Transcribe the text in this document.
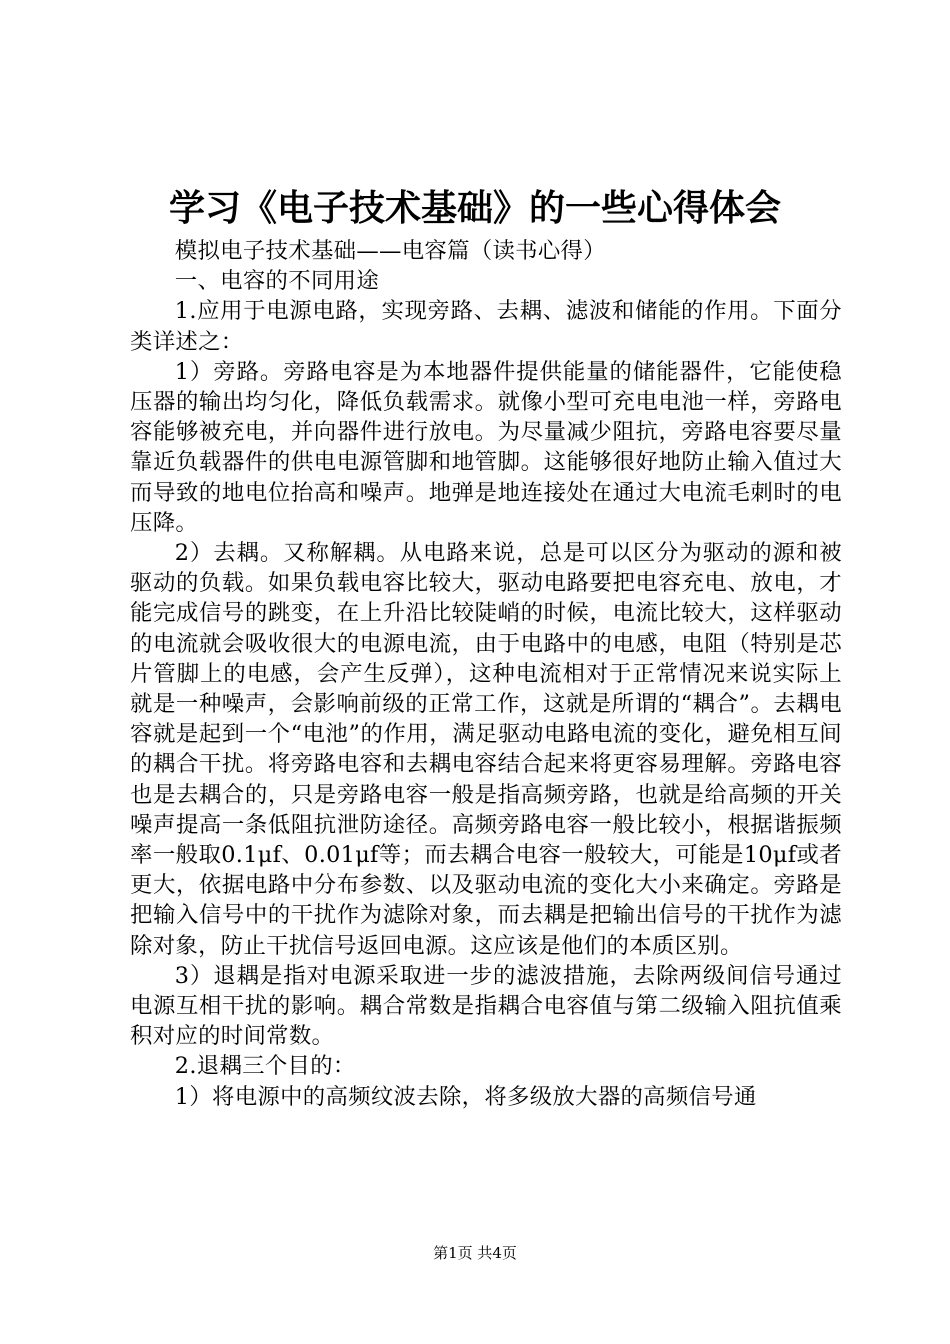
学习《电子技术基础》的一些心得体会

模拟电子技术基础——电容篇（读书心得）

一、电容的不同用途

1.应用于电源电路，实现旁路、去耦、滤波和储能的作用。下面分类详述之：

1）旁路。旁路电容是为本地器件提供能量的储能器件，它能使稳压器的输出均匀化，降低负载需求。就像小型可充电电池一样，旁路电容能够被充电，并向器件进行放电。为尽量减少阻抗，旁路电容要尽量靠近负载器件的供电电源管脚和地管脚。这能够很好地防止输入值过大而导致的地电位抬高和噪声。地弹是地连接处在通过大电流毛刺时的电压降。

2）去耦。又称解耦。从电路来说，总是可以区分为驱动的源和被驱动的负载。如果负载电容比较大，驱动电路要把电容充电、放电，才能完成信号的跳变，在上升沿比较陡峭的时候，电流比较大，这样驱动的电流就会吸收很大的电源电流，由于电路中的电感，电阻（特别是芯片管脚上的电感，会产生反弹），这种电流相对于正常情况来说实际上就是一种噪声，会影响前级的正常工作，这就是所谓的“耦合”。去耦电容就是起到一个“电池”的作用，满足驱动电路电流的变化，避免相互间的耦合干扰。将旁路电容和去耦电容结合起来将更容易理解。旁路电容也是去耦合的，只是旁路电容一般是指高频旁路，也就是给高频的开关噪声提高一条低阻抗泄防途径。高频旁路电容一般比较小，根据谐振频率一般取0.1μf、0.01μf等；而去耦合电容一般较大，可能是10μf或者更大，依据电路中分布参数、以及驱动电流的变化大小来确定。旁路是把输入信号中的干扰作为滤除对象，而去耦是把输出信号的干扰作为滤除对象，防止干扰信号返回电源。这应该是他们的本质区别。

3）退耦是指对电源采取进一步的滤波措施，去除两级间信号通过电源互相干扰的影响。耦合常数是指耦合电容值与第二级输入阻抗值乘积对应的时间常数。

2.退耦三个目的：

1）将电源中的高频纹波去除，将多级放大器的高频信号通

第1页 共4页
